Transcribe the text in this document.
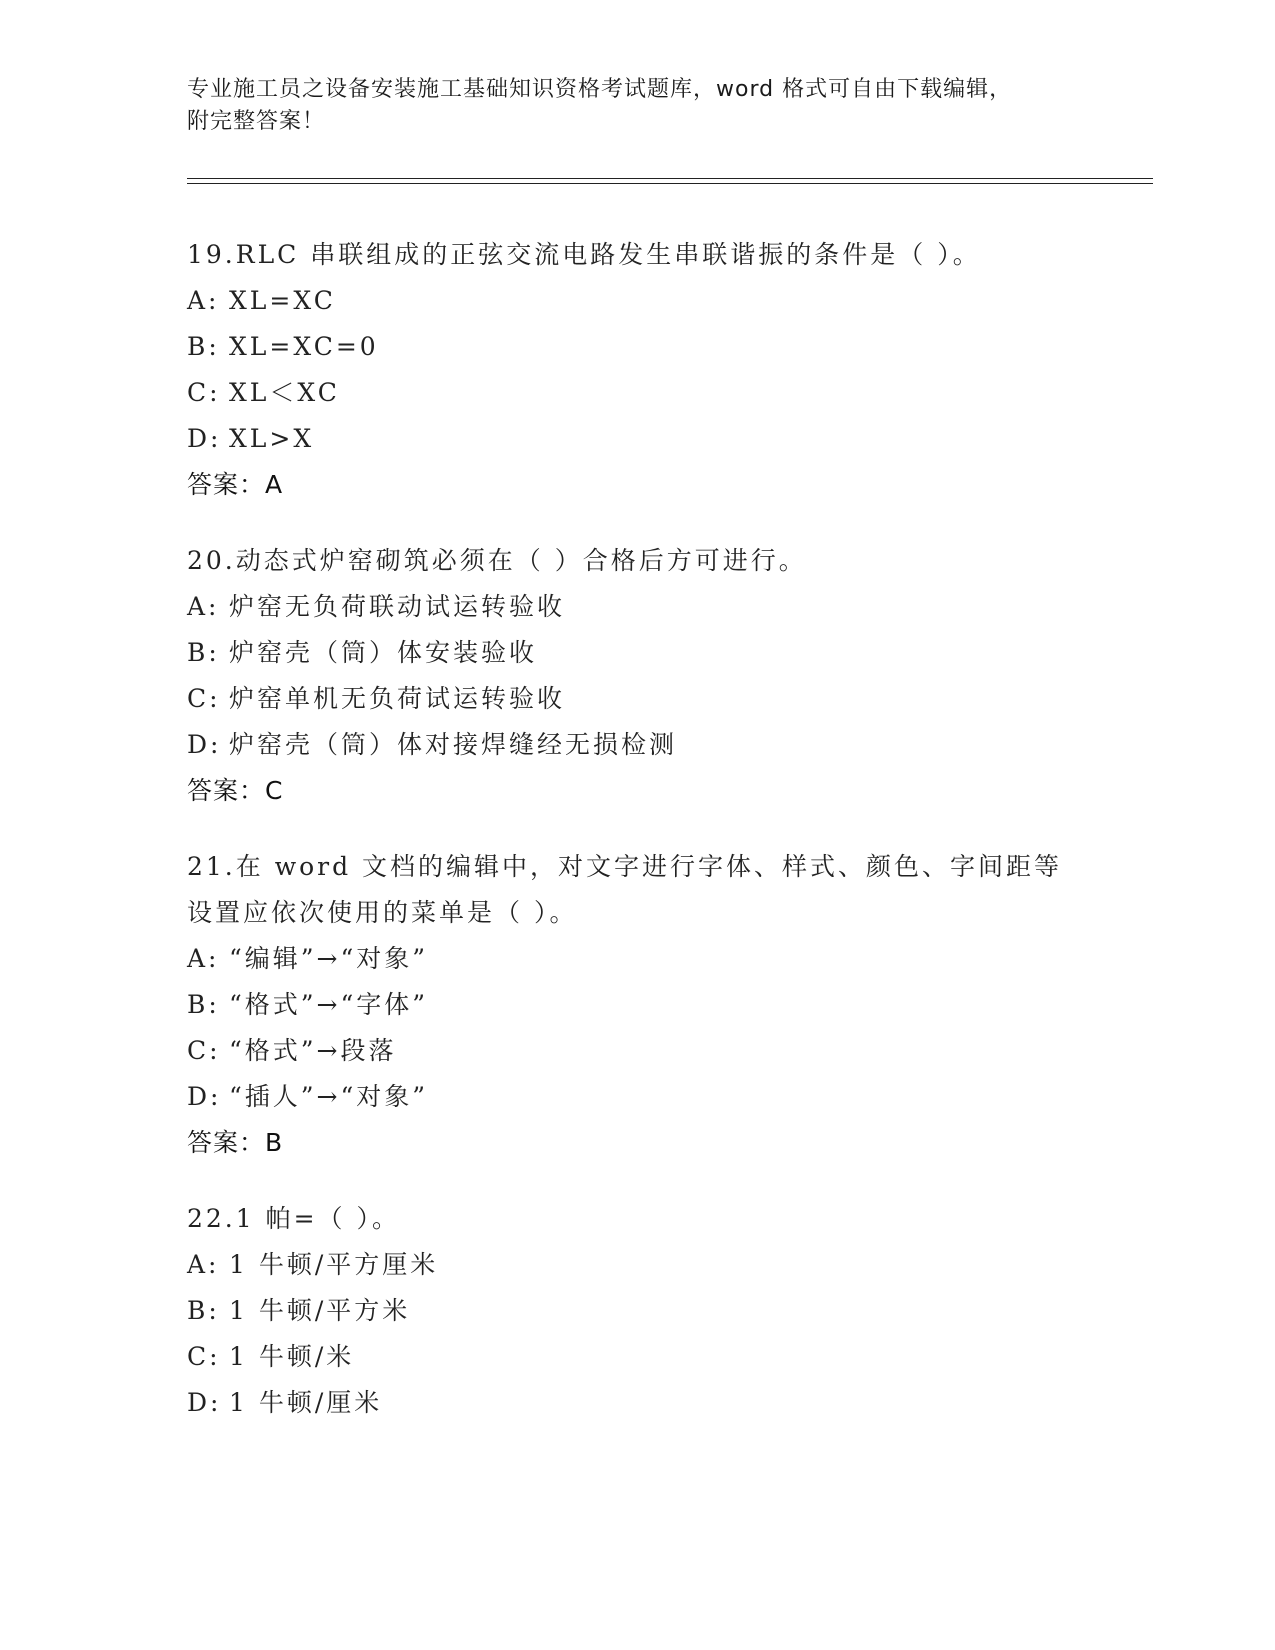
专业施工员之设备安装施工基础知识资格考试题库，word 格式可自由下载编辑，
附完整答案！
19.RLC 串联组成的正弦交流电路发生串联谐振的条件是（ ）。
A: XL=XC
B: XL=XC=0
C: XL＜XC
D: XL>X
答案：A
20.动态式炉窑砌筑必须在（ ）合格后方可进行。
A: 炉窑无负荷联动试运转验收
B: 炉窑壳（筒）体安装验收
C: 炉窑单机无负荷试运转验收
D: 炉窑壳（筒）体对接焊缝经无损检测
答案：C
21.在 word 文档的编辑中，对文字进行字体、样式、颜色、字间距等
设置应依次使用的菜单是（ ）。
A: “编辑”→“对象”
B: “格式”→“字体”
C: “格式”→段落
D: “插人”→“对象”
答案：B
22.1 帕=（ ）。
A: 1 牛顿/平方厘米
B: 1 牛顿/平方米
C: 1 牛顿/米
D: 1 牛顿/厘米
